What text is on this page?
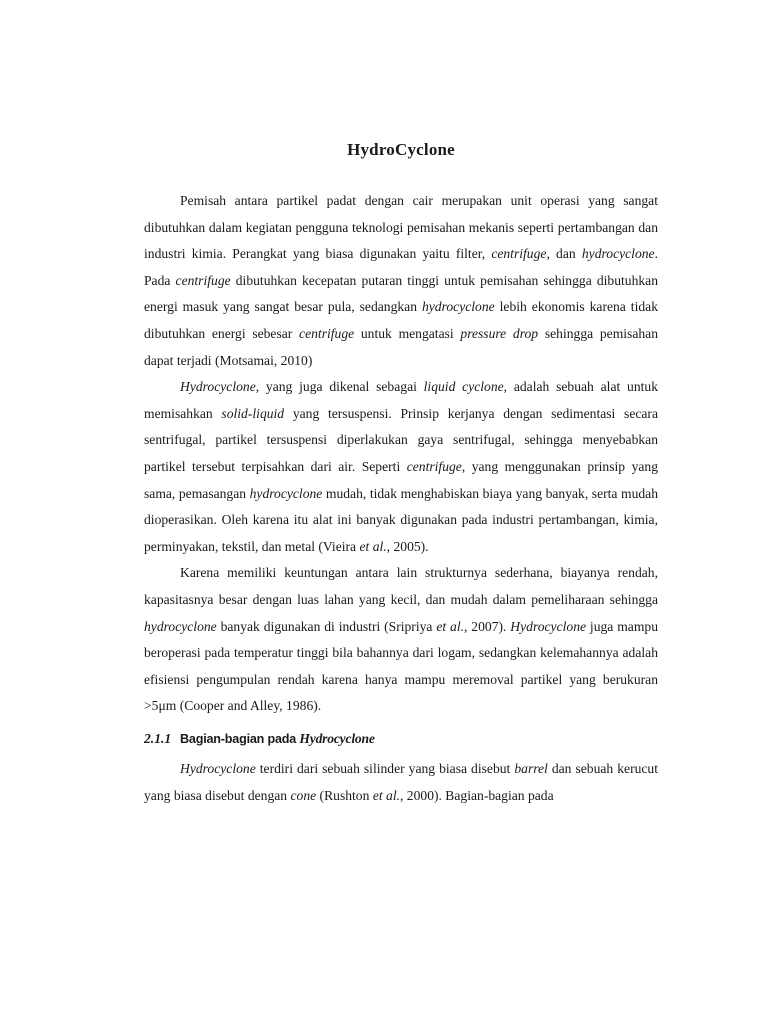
HydroCyclone

Pemisah antara partikel padat dengan cair merupakan unit operasi yang sangat dibutuhkan dalam kegiatan pengguna teknologi pemisahan mekanis seperti pertambangan dan industri kimia. Perangkat yang biasa digunakan yaitu filter, centrifuge, dan hydrocyclone. Pada centrifuge dibutuhkan kecepatan putaran tinggi untuk pemisahan sehingga dibutuhkan energi masuk yang sangat besar pula, sedangkan hydrocyclone lebih ekonomis karena tidak dibutuhkan energi sebesar centrifuge untuk mengatasi pressure drop sehingga pemisahan dapat terjadi (Motsamai, 2010)

Hydrocyclone, yang juga dikenal sebagai liquid cyclone, adalah sebuah alat untuk memisahkan solid-liquid yang tersuspensi. Prinsip kerjanya dengan sedimentasi secara sentrifugal, partikel tersuspensi diperlakukan gaya sentrifugal, sehingga menyebabkan partikel tersebut terpisahkan dari air. Seperti centrifuge, yang menggunakan prinsip yang sama, pemasangan hydrocyclone mudah, tidak menghabiskan biaya yang banyak, serta mudah dioperasikan. Oleh karena itu alat ini banyak digunakan pada industri pertambangan, kimia, perminyakan, tekstil, dan metal (Vieira et al., 2005).

Karena memiliki keuntungan antara lain strukturnya sederhana, biayanya rendah, kapasitasnya besar dengan luas lahan yang kecil, dan mudah dalam pemeliharaan sehingga hydrocyclone banyak digunakan di industri (Sripriya et al., 2007). Hydrocyclone juga mampu beroperasi pada temperatur tinggi bila bahannya dari logam, sedangkan kelemahannya adalah efisiensi pengumpulan rendah karena hanya mampu meremoval partikel yang berukuran >5μm (Cooper and Alley, 1986).

2.1.1 Bagian-bagian pada Hydrocyclone

Hydrocyclone terdiri dari sebuah silinder yang biasa disebut barrel dan sebuah kerucut yang biasa disebut dengan cone (Rushton et al., 2000). Bagian-bagian pada
